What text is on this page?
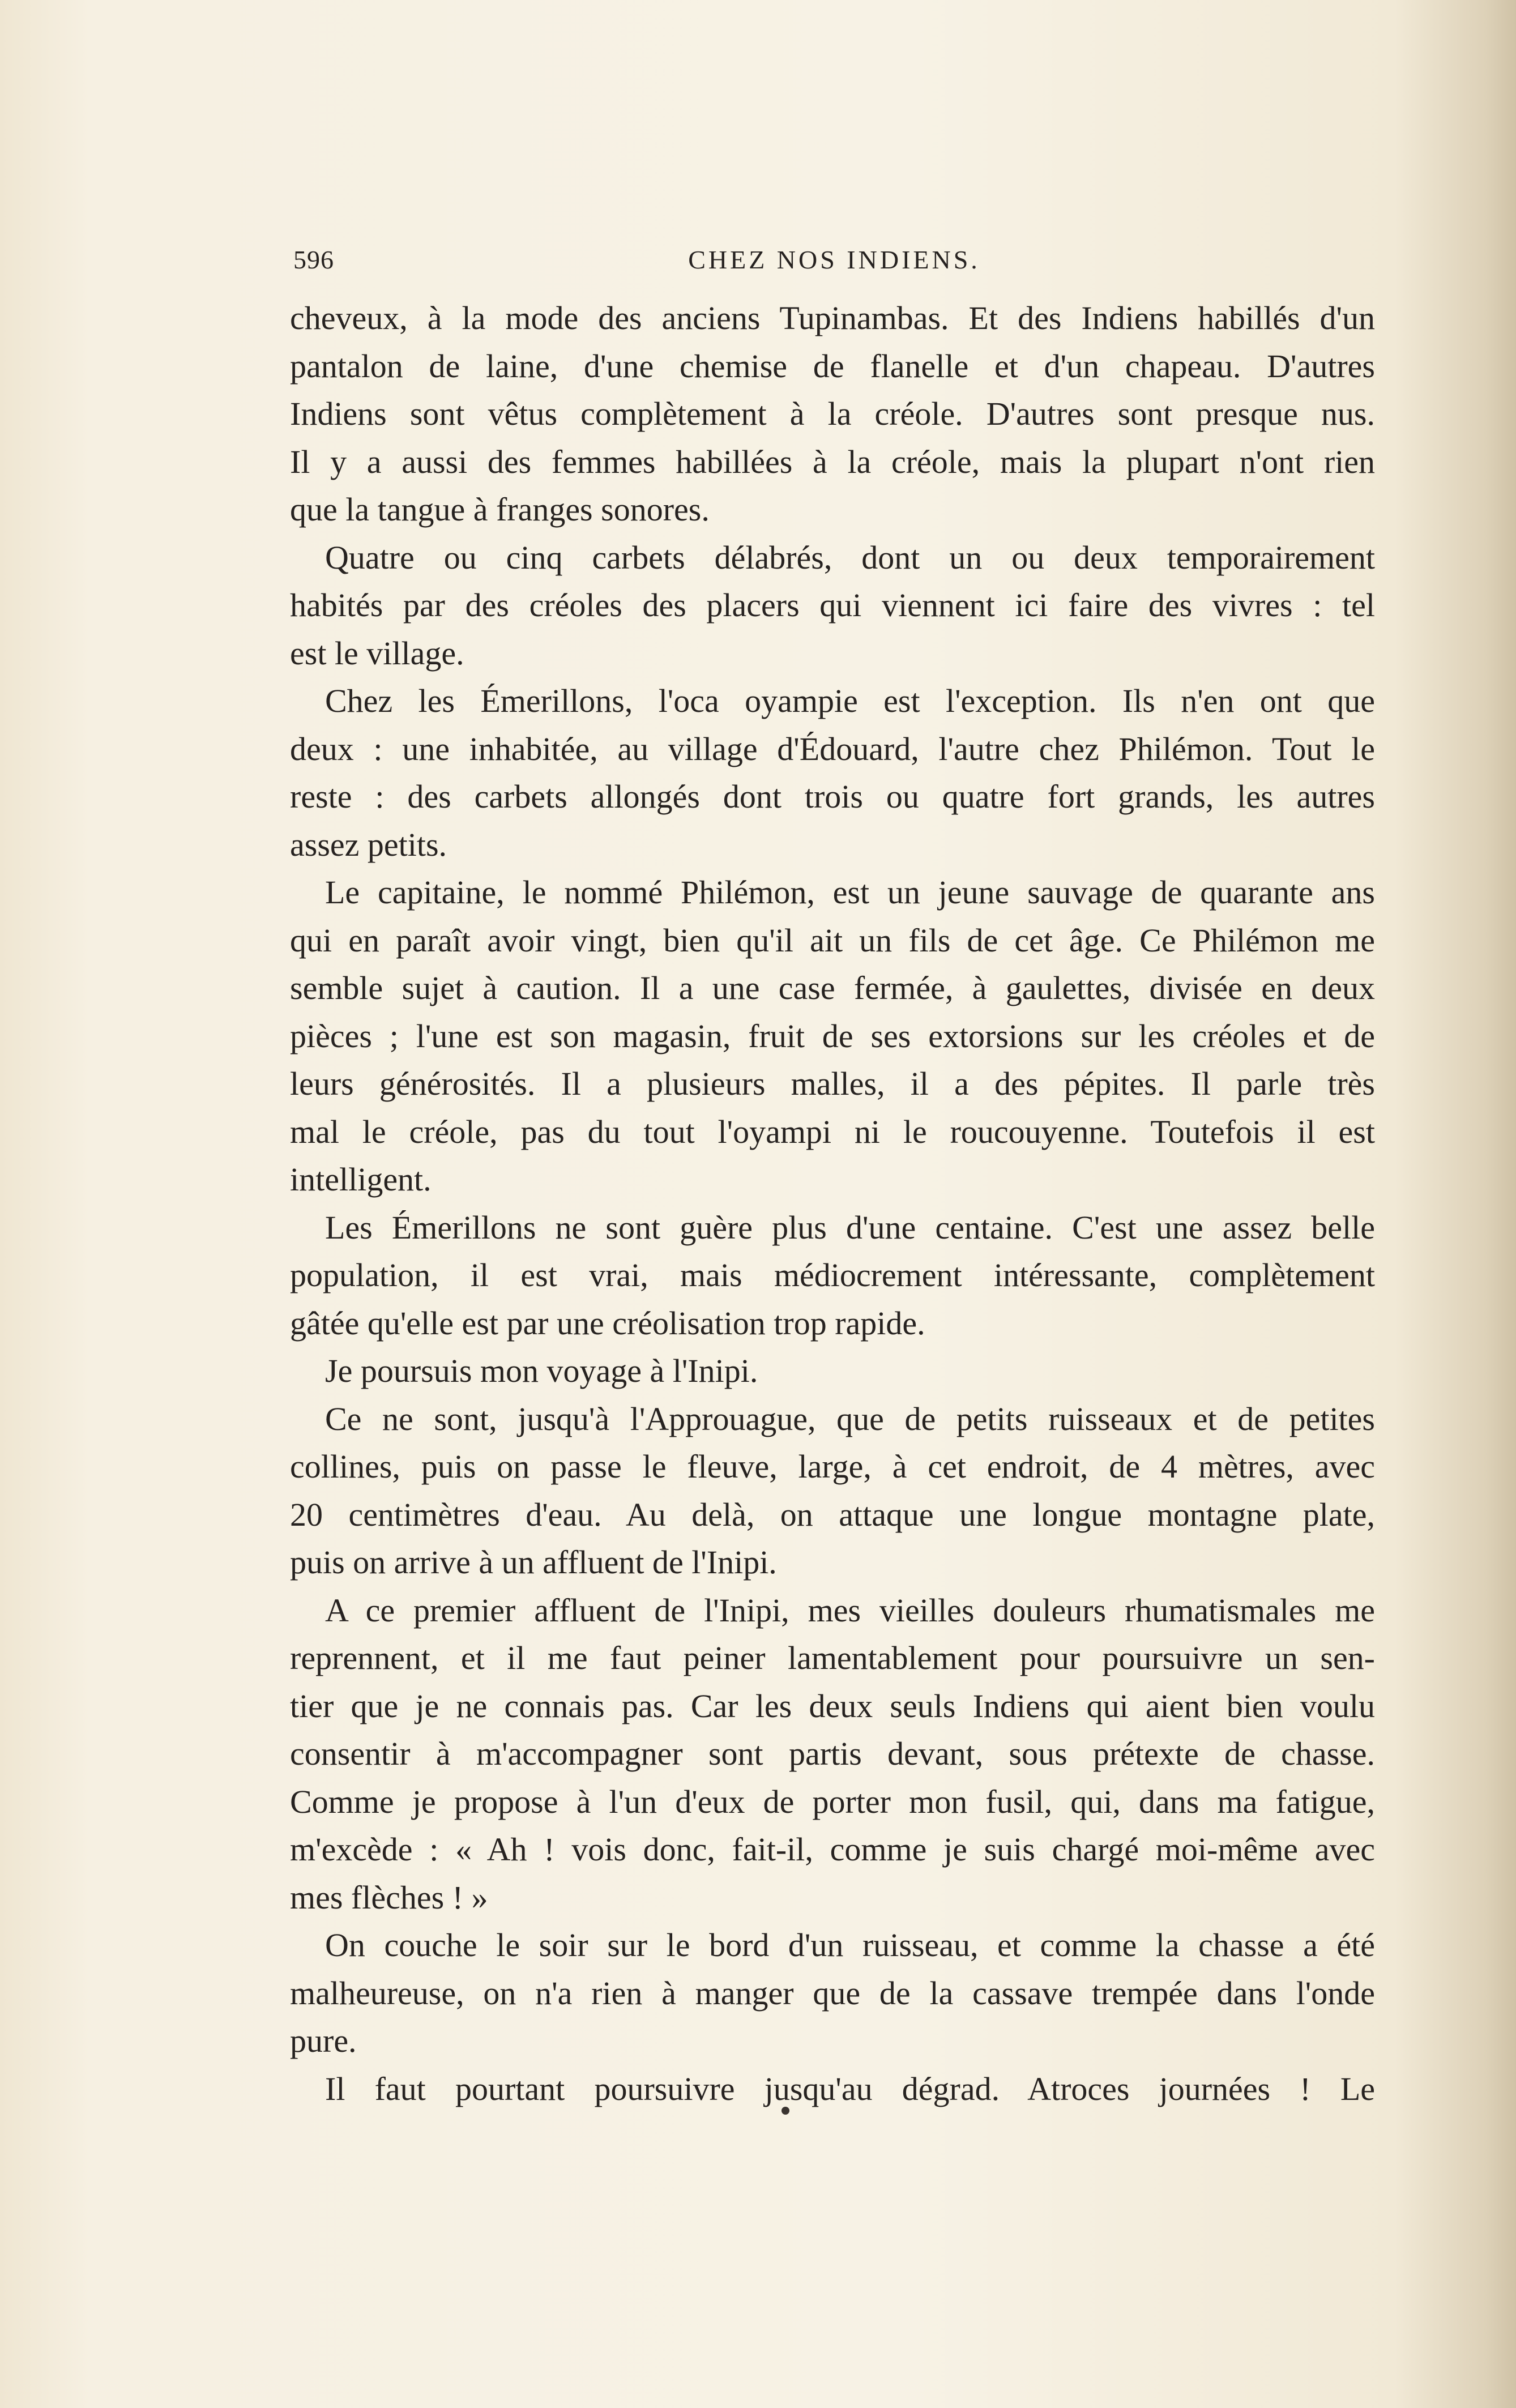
596	CHEZ NOS INDIENS.
cheveux, à la mode des anciens Tupinambas. Et des Indiens habillés d'un
pantalon de laine, d'une chemise de flanelle et d'un chapeau. D'autres
Indiens sont vêtus complètement à la créole. D'autres sont presque nus.
Il y a aussi des femmes habillées à la créole, mais la plupart n'ont rien
que la tangue à franges sonores.
Quatre ou cinq carbets délabrés, dont un ou deux temporairement
habités par des créoles des placers qui viennent ici faire des vivres : tel
est le village.
Chez les Émerillons, l'oca oyampie est l'exception. Ils n'en ont que
deux : une inhabitée, au village d'Édouard, l'autre chez Philémon. Tout le
reste : des carbets allongés dont trois ou quatre fort grands, les autres
assez petits.
Le capitaine, le nommé Philémon, est un jeune sauvage de quarante ans
qui en paraît avoir vingt, bien qu'il ait un fils de cet âge. Ce Philémon me
semble sujet à caution. Il a une case fermée, à gaulettes, divisée en deux
pièces ; l'une est son magasin, fruit de ses extorsions sur les créoles et de
leurs générosités. Il a plusieurs malles, il a des pépites. Il parle très
mal le créole, pas du tout l'oyampi ni le roucouyenne. Toutefois il est
intelligent.
Les Émerillons ne sont guère plus d'une centaine. C'est une assez belle
population, il est vrai, mais médiocrement intéressante, complètement
gâtée qu'elle est par une créolisation trop rapide.
Je poursuis mon voyage à l'Inipi.
Ce ne sont, jusqu'à l'Approuague, que de petits ruisseaux et de petites
collines, puis on passe le fleuve, large, à cet endroit, de 4 mètres, avec
20 centimètres d'eau. Au delà, on attaque une longue montagne plate,
puis on arrive à un affluent de l'Inipi.
A ce premier affluent de l'Inipi, mes vieilles douleurs rhumatismales me
reprennent, et il me faut peiner lamentablement pour poursuivre un sen-
tier que je ne connais pas. Car les deux seuls Indiens qui aient bien voulu
consentir à m'accompagner sont partis devant, sous prétexte de chasse.
Comme je propose à l'un d'eux de porter mon fusil, qui, dans ma fatigue,
m'excède : « Ah ! vois donc, fait-il, comme je suis chargé moi-même avec
mes flèches ! »
On couche le soir sur le bord d'un ruisseau, et comme la chasse a été
malheureuse, on n'a rien à manger que de la cassave trempée dans l'onde
pure.
Il faut pourtant poursuivre jusqu'au dégrad. Atroces journées ! Le
